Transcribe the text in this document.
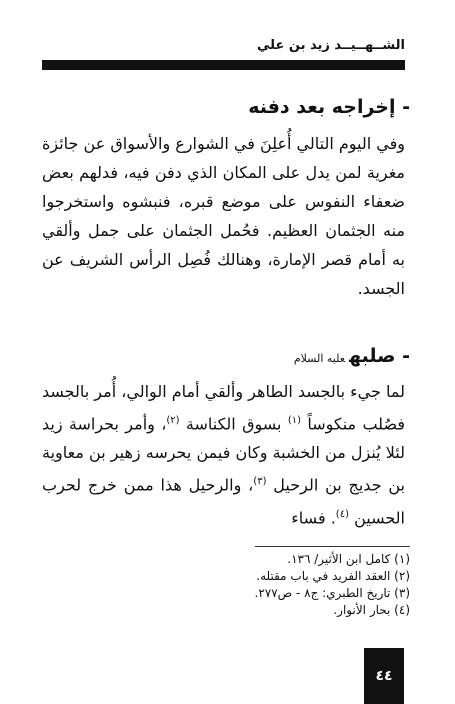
الشــهــيــد زيد بن علي
- إخراجه بعد دفنه

وفي اليوم التالي أُعلِنَ في الشوارع والأسواق عن جائزة مغرية لمن يدل على المكان الذي دفن فيه، فدلهم بعض ضعفاء النفوس على موضع قبره، فنبشوه واستخرجوا منه الجثمان العظيم. فحُمل الجثمان على جمل وألقي به أمام قصر الإمارة، وهنالك فُصِل الرأس الشريف عن الجسد.

- صلبهعليه السلام

لما جيء بالجسد الطاهر وألقي أمام الوالي، أُمر بالجسد فصُلب منكوساً $^{(١)}$ بسوق الكناسة $^{(٢)}$، وأمر بحراسة زيد لئلا يُنزل من الخشبة وكان فيمن يحرسه زهير بن معاوية بن جديج بن الرحيل $^{(٣)}$، والرحيل هذا ممن خرج لحرب الحسين $^{(٤)}$. فساء

(١) كامل ابن الأثير/ ١٣٦.
(٢) العقد الفريد في باب مقتله.
(٣) تاريخ الطبري: ج٨ - ص٢٧٧.
(٤) بحار الأنوار.
٤٤
